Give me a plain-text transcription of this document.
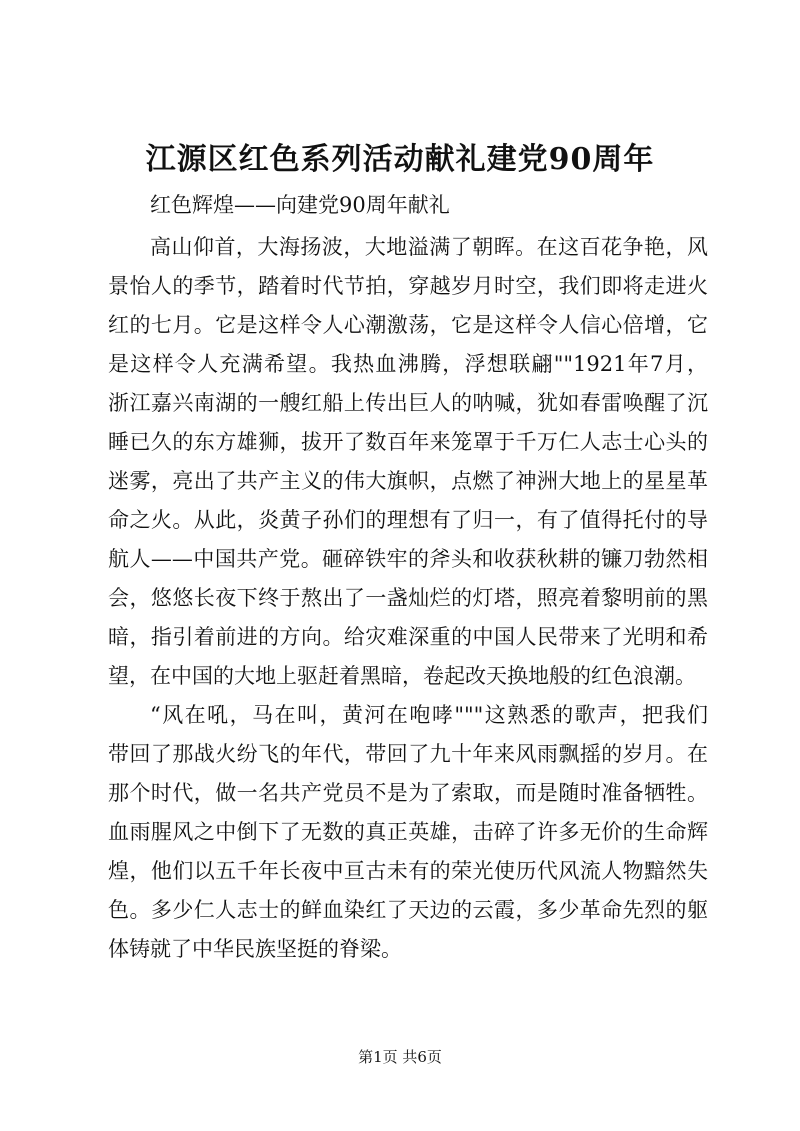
江源区红色系列活动献礼建党90周年

红色辉煌——向建党90周年献礼

高山仰首，大海扬波，大地溢满了朝晖。在这百花争艳，风
景怡人的季节，踏着时代节拍，穿越岁月时空，我们即将走进火
红的七月。它是这样令人心潮激荡，它是这样令人信心倍增，它
是这样令人充满希望。我热血沸腾，浮想联翩""1921年7月，
浙江嘉兴南湖的一艘红船上传出巨人的呐喊，犹如春雷唤醒了沉
睡已久的东方雄狮，拔开了数百年来笼罩于千万仁人志士心头的
迷雾，亮出了共产主义的伟大旗帜，点燃了神洲大地上的星星革
命之火。从此，炎黄子孙们的理想有了归一，有了值得托付的导
航人——中国共产党。砸碎铁牢的斧头和收获秋耕的镰刀勃然相
会，悠悠长夜下终于熬出了一盏灿烂的灯塔，照亮着黎明前的黑
暗，指引着前进的方向。给灾难深重的中国人民带来了光明和希
望，在中国的大地上驱赶着黑暗，卷起改天换地般的红色浪潮。
“风在吼，马在叫，黄河在咆哮"""这熟悉的歌声，把我们
带回了那战火纷飞的年代，带回了九十年来风雨飘摇的岁月。在
那个时代，做一名共产党员不是为了索取，而是随时准备牺牲。
血雨腥风之中倒下了无数的真正英雄，击碎了许多无价的生命辉
煌，他们以五千年长夜中亘古未有的荣光使历代风流人物黯然失
色。多少仁人志士的鲜血染红了天边的云霞，多少革命先烈的躯
体铸就了中华民族坚挺的脊梁。

第1页 共6页
